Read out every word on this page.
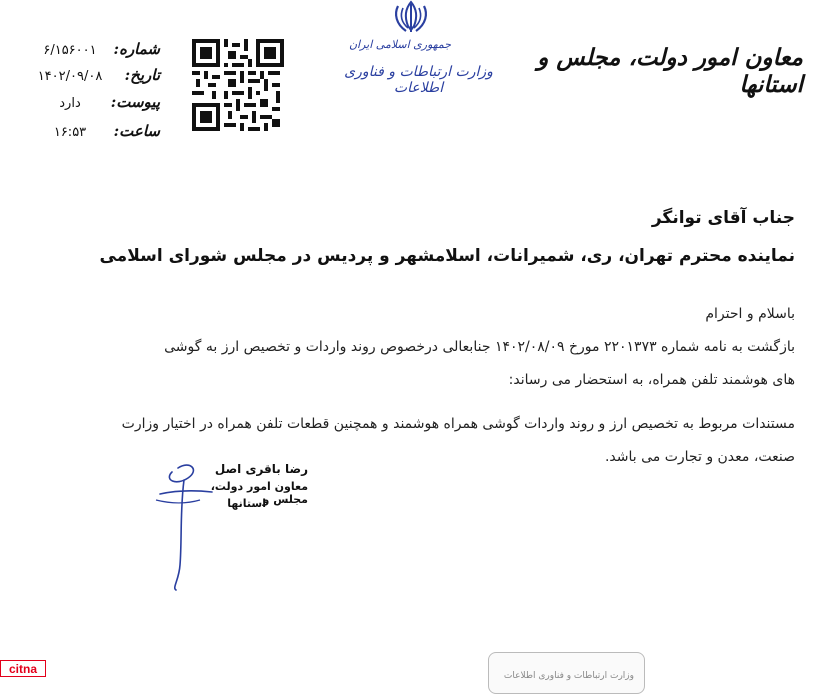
معاون امور دولت، مجلس و استانها
جمهوری اسلامی ایران
وزارت ارتباطات و فناوری اطلاعات
شماره:
۶/۱۵۶۰۰۱
تاریخ:
۱۴۰۲/۰۹/۰۸
پیوست:
دارد
ساعت:
۱۶:۵۳
جناب آقای توانگر
نماینده محترم تهران، ری، شمیرانات، اسلامشهر و پردیس در مجلس شورای اسلامی
باسلام و احترام
بازگشت به نامه شماره ۲۲۰۱۳۷۳ مورخ ۱۴۰۲/۰۸/۰۹ جنابعالی درخصوص روند واردات و تخصیص ارز به گوشی
های هوشمند تلفن همراه، به استحضار می رساند:
مستندات مربوط به تخصیص ارز و روند واردات گوشی همراه هوشمند و همچنین قطعات تلفن همراه در اختیار وزارت
صنعت، معدن و تجارت می باشد.
رضا باقری اصل
معاون امور دولت، مجلس و
استانها
citna	وزارت ارتباطات و فناوری اطلاعات
